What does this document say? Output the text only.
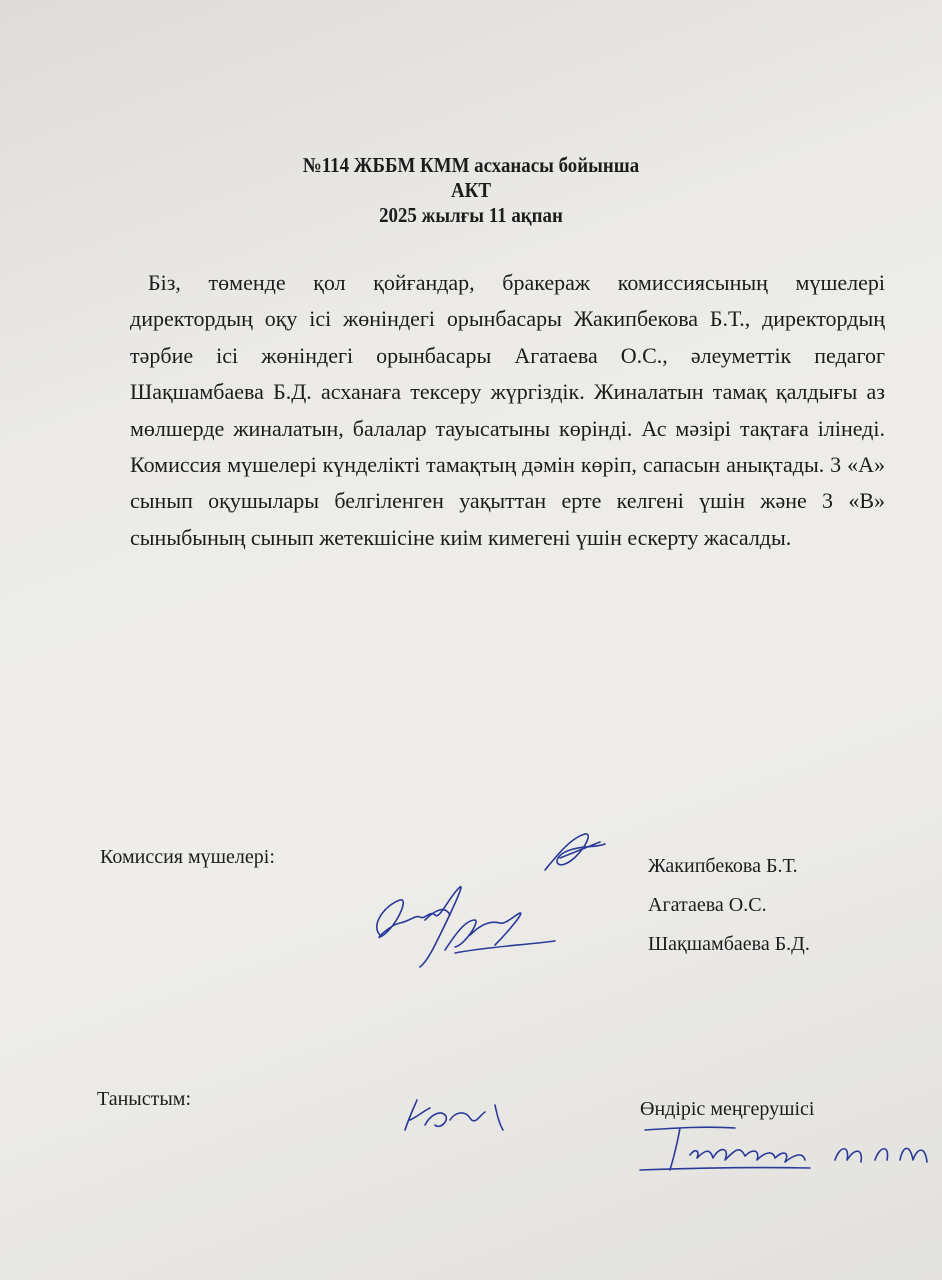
№114 ЖББМ КММ асханасы бойынша
АКТ
2025 жылғы 11 ақпан
Біз, төменде қол қойғандар, бракераж комиссиясының мүшелері
директордың оқу ісі жөніндегі орынбасары Жакипбекова Б.Т., директордың
тәрбие ісі жөніндегі орынбасары Агатаева О.С., әлеуметтік педагог
Шақшамбаева Б.Д. асханаға тексеру жүргіздік. Жиналатын тамақ қалдығы аз
мөлшерде жиналатын, балалар тауысатыны көрінді. Ас мәзірі тақтаға ілінеді.
Комиссия мүшелері күнделікті тамақтың дәмін көріп, сапасын анықтады. 3 «А»
сынып оқушылары белгіленген уақыттан ерте келгені үшін және 3 «В»
сыныбының сынып жетекшісіне киім кимегені үшін ескерту жасалды.
Комиссия мүшелері:	Жакипбекова Б.Т.
Агатаева О.С.
Шақшамбаева Б.Д.
Таныстым:	Өндіріс меңгерушісі
